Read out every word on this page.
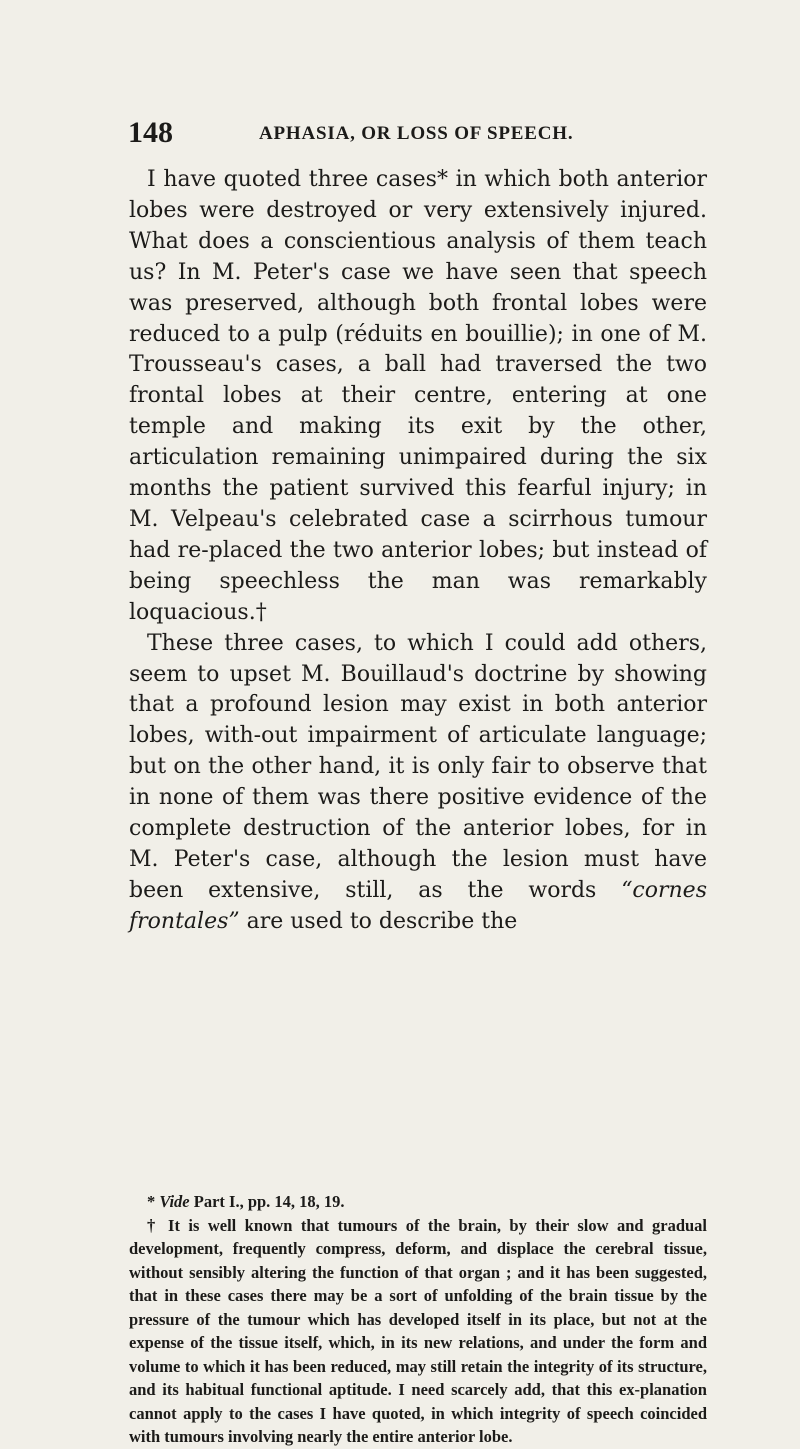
148	APHASIA, OR LOSS OF SPEECH.

I have quoted three cases* in which both anterior lobes were destroyed or very extensively injured. What does a conscientious analysis of them teach us? In M. Peter's case we have seen that speech was preserved, although both frontal lobes were reduced to a pulp (réduits en bouillie); in one of M. Trousseau's cases, a ball had traversed the two frontal lobes at their centre, entering at one temple and making its exit by the other, articulation remaining unimpaired during the six months the patient survived this fearful injury; in M. Velpeau's celebrated case a scirrhous tumour had re-placed the two anterior lobes; but instead of being speechless the man was remarkably loquacious.†

These three cases, to which I could add others, seem to upset M. Bouillaud's doctrine by showing that a profound lesion may exist in both anterior lobes, with-out impairment of articulate language; but on the other hand, it is only fair to observe that in none of them was there positive evidence of the complete destruction of the anterior lobes, for in M. Peter's case, although the lesion must have been extensive, still, as the words “cornes frontales” are used to describe the

* Vide Part I., pp. 14, 18, 19.

† It is well known that tumours of the brain, by their slow and gradual development, frequently compress, deform, and displace the cerebral tissue, without sensibly altering the function of that organ ; and it has been suggested, that in these cases there may be a sort of unfolding of the brain tissue by the pressure of the tumour which has developed itself in its place, but not at the expense of the tissue itself, which, in its new relations, and under the form and volume to which it has been reduced, may still retain the integrity of its structure, and its habitual functional aptitude. I need scarcely add, that this ex-planation cannot apply to the cases I have quoted, in which integrity of speech coincided with tumours involving nearly the entire anterior lobe.
